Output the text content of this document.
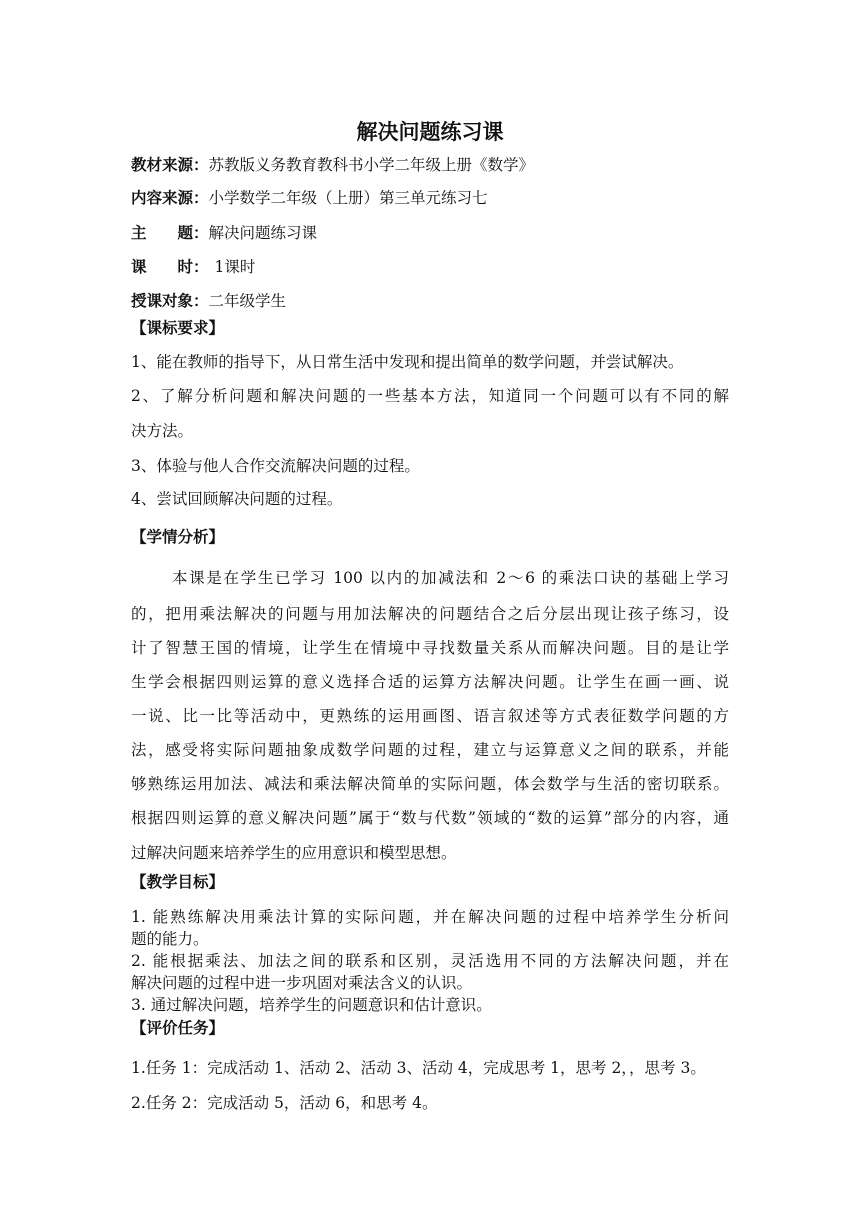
解决问题练习课
教材来源：苏教版义务教育教科书小学二年级上册《数学》
内容来源：小学数学二年级（上册）第三单元练习七
主　　题：解决问题练习课
课　　时： 1课时
授课对象：二年级学生
【课标要求】
1、能在教师的指导下，从日常生活中发现和提出简单的数学问题，并尝试解决。
2、了解分析问题和解决问题的一些基本方法，知道同一个问题可以有不同的解
决方法。
3、体验与他人合作交流解决问题的过程。
4、尝试回顾解决问题的过程。
【学情分析】
本课是在学生已学习 100 以内的加减法和 2～6 的乘法口诀的基础上学习
的，把用乘法解决的问题与用加法解决的问题结合之后分层出现让孩子练习，设
计了智慧王国的情境，让学生在情境中寻找数量关系从而解决问题。目的是让学
生学会根据四则运算的意义选择合适的运算方法解决问题。让学生在画一画、说
一说、比一比等活动中，更熟练的运用画图、语言叙述等方式表征数学问题的方
法，感受将实际问题抽象成数学问题的过程，建立与运算意义之间的联系，并能
够熟练运用加法、减法和乘法解决简单的实际问题，体会数学与生活的密切联系。
根据四则运算的意义解决问题”属于“数与代数”领域的“数的运算”部分的内容，通
过解决问题来培养学生的应用意识和模型思想。
【教学目标】
1. 能熟练解决用乘法计算的实际问题，并在解决问题的过程中培养学生分析问
题的能力。
2. 能根据乘法、加法之间的联系和区别，灵活选用不同的方法解决问题，并在
解决问题的过程中进一步巩固对乘法含义的认识。
3. 通过解决问题，培养学生的问题意识和估计意识。
【评价任务】
1.任务 1：完成活动 1、活动 2、活动 3、活动 4，完成思考 1，思考 2，，思考 3。
2.任务 2：完成活动 5，活动 6，和思考 4。
